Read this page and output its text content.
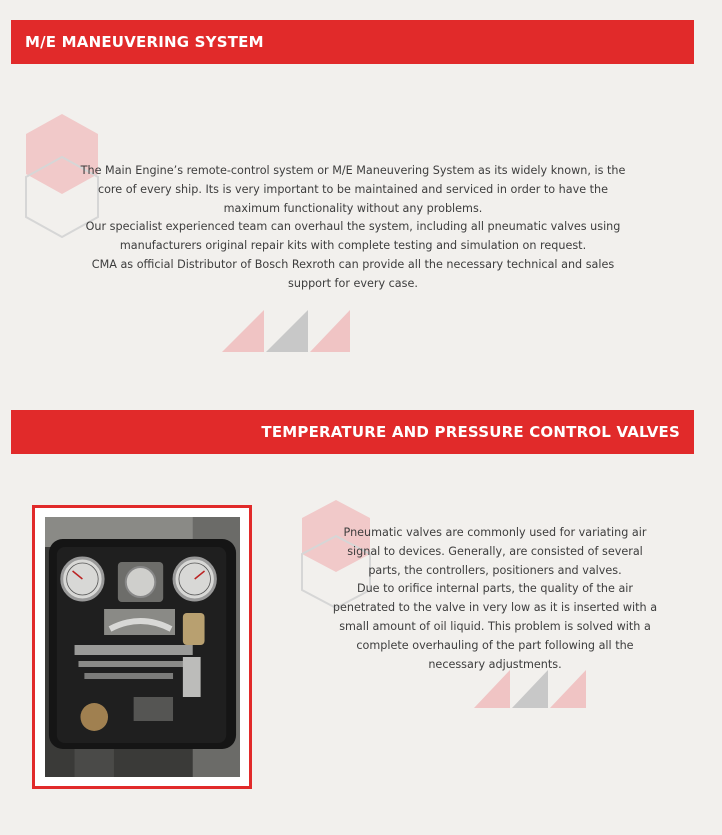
M/E MANEUVERING SYSTEM

The Main Engine’s remote-control system or M/E Maneuvering System as its widely known, is the core of every ship. Its is very important to be maintained and serviced in order to have the maximum functionality without any problems.

Our specialist experienced team can overhaul the system, including all pneumatic valves using manufacturers original repair kits with complete testing and simulation on request.

CMA as official Distributor of Bosch Rexroth can provide all the necessary technical and sales support for every case.

TEMPERATURE AND PRESSURE CONTROL VALVES

Pneumatic valves are commonly used for variating air signal to devices. Generally, are consisted of several parts, the controllers, positioners and valves.

Due to orifice internal parts, the quality of the air penetrated to the valve in very low as it is inserted with a small amount of oil liquid. This problem is solved with a complete overhauling of the part following all the necessary adjustments.
